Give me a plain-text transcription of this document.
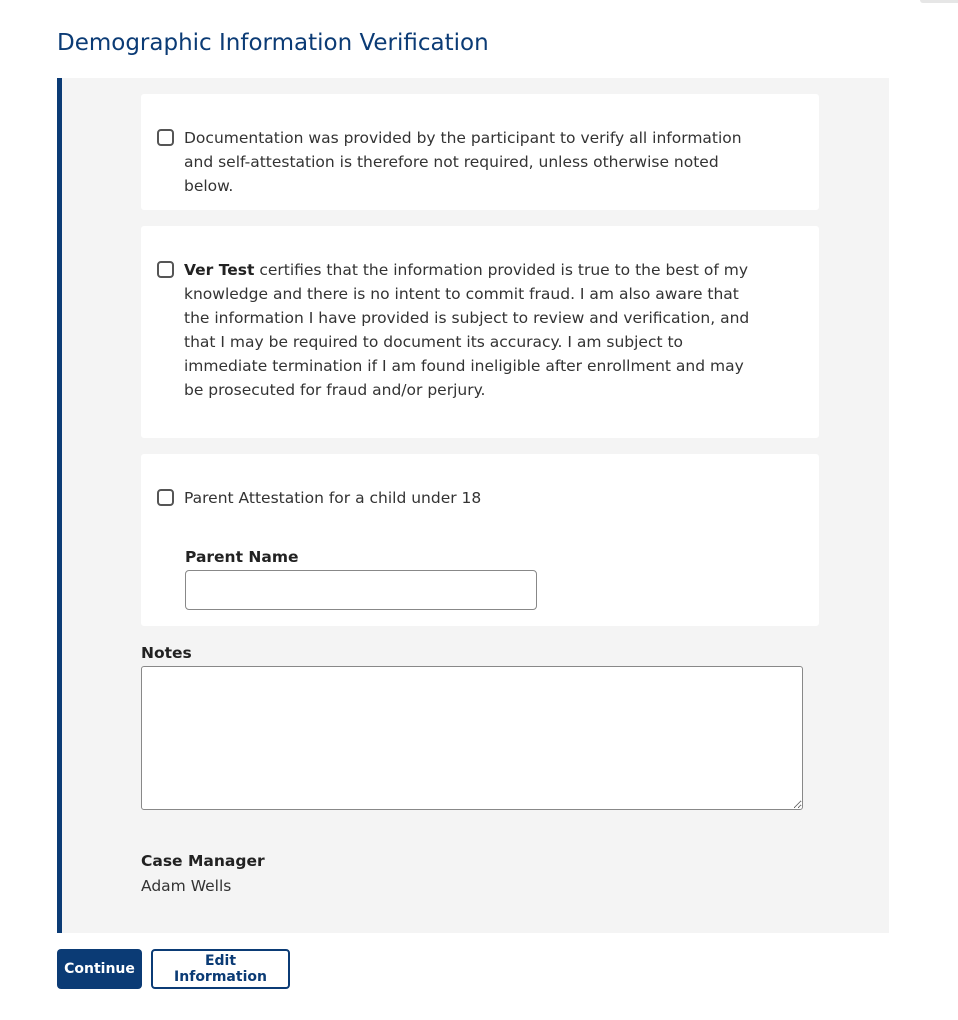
Demographic Information Verification
Documentation was provided by the participant to verify all information and self-attestation is therefore not required, unless otherwise noted below.
Ver Test certifies that the information provided is true to the best of my knowledge and there is no intent to commit fraud. I am also aware that the information I have provided is subject to review and verification, and that I may be required to document its accuracy. I am subject to immediate termination if I am found ineligible after enrollment and may be prosecuted for fraud and/or perjury.
Parent Attestation for a child under 18
Parent Name
Notes
Case Manager
Adam Wells
Continue	Edit Information
